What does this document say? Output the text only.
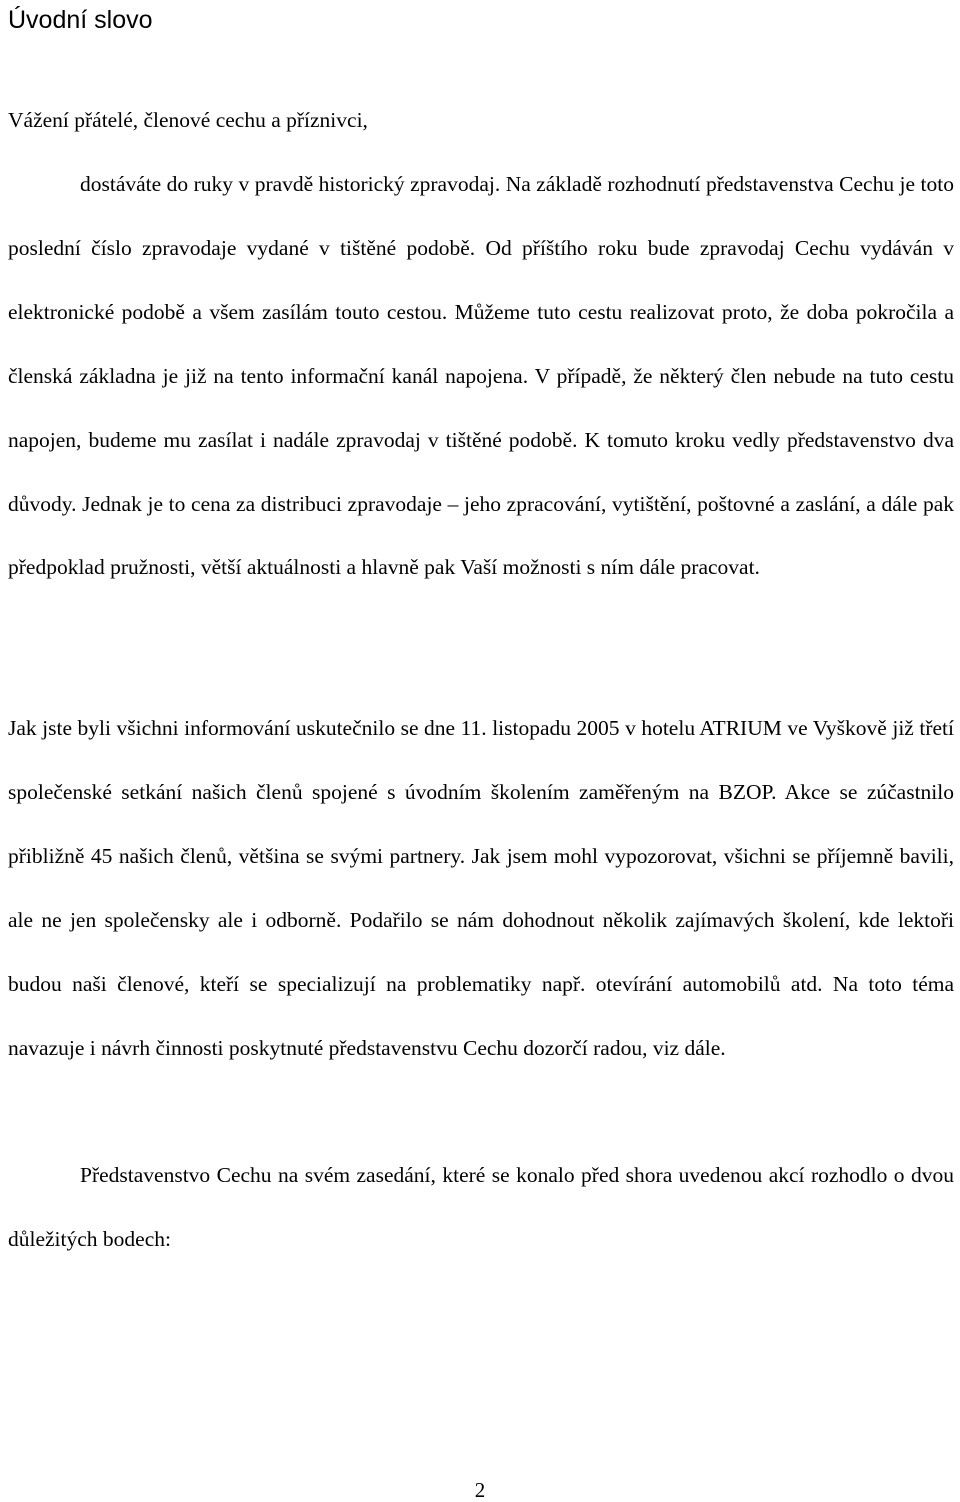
Úvodní slovo

Vážení přátelé, členové cechu a příznivci,

dostáváte do ruky v pravdě historický zpravodaj. Na základě rozhodnutí představenstva Cechu je toto poslední číslo zpravodaje vydané v tištěné podobě. Od příštího roku bude zpravodaj Cechu vydáván v elektronické podobě a všem zasílám touto cestou. Můžeme tuto cestu realizovat proto, že doba pokročila a členská základna je již na tento informační kanál napojena. V případě, že některý člen nebude na tuto cestu napojen, budeme mu zasílat i nadále zpravodaj v tištěné podobě. K tomuto kroku vedly představenstvo dva důvody. Jednak je to cena za distribuci zpravodaje – jeho zpracování, vytištění, poštovné a zaslání, a dále pak předpoklad pružnosti, větší aktuálnosti a hlavně pak Vaší možnosti s ním dále pracovat.

Jak jste byli všichni informování uskutečnilo se dne 11. listopadu 2005 v hotelu ATRIUM ve Vyškově již třetí společenské setkání našich členů spojené s úvodním školením zaměřeným na BZOP. Akce se zúčastnilo přibližně 45 našich členů, většina se svými partnery. Jak jsem mohl vypozorovat, všichni se příjemně bavili, ale ne jen společensky ale i odborně. Podařilo se nám dohodnout několik zajímavých školení, kde lektoři budou naši členové, kteří se specializují na problematiky např. otevírání automobilů atd. Na toto téma navazuje i návrh činnosti poskytnuté představenstvu Cechu dozorčí radou, viz dále.

Představenstvo Cechu na svém zasedání, které se konalo před shora uvedenou akcí rozhodlo o dvou důležitých bodech:

2
